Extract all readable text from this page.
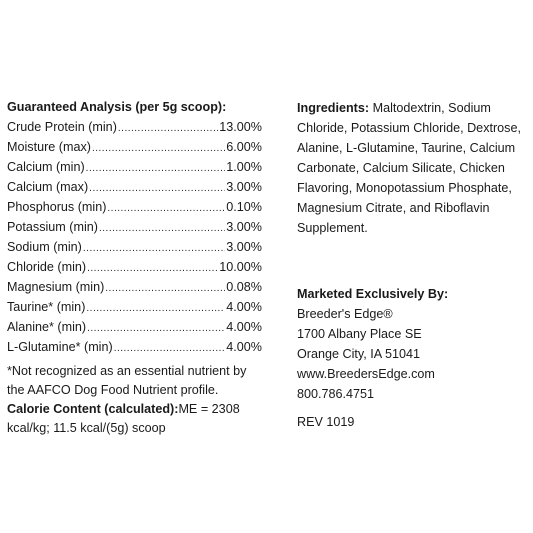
Guaranteed Analysis (per 5g scoop):
Crude Protein (min) .....	13.00%
Moisture (max) .....	6.00%
Calcium (min) .....	1.00%
Calcium (max) .....	3.00%
Phosphorus (min) .....	0.10%
Potassium (min) .....	3.00%
Sodium (min) .....	3.00%
Chloride (min) .....	10.00%
Magnesium (min) .....	0.08%
Taurine* (min) .....	4.00%
Alanine* (min) .....	4.00%
L-Glutamine* (min) .....	4.00%
*Not recognized as an essential nutrient by the AAFCO Dog Food Nutrient profile.
Calorie Content (calculated):ME = 2308 kcal/kg; 11.5 kcal/(5g) scoop
Ingredients: Maltodextrin, Sodium Chloride, Potassium Chloride, Dextrose, Alanine, L-Glutamine, Taurine, Calcium Carbonate, Calcium Silicate, Chicken Flavoring, Monopotassium Phosphate, Magnesium Citrate, and Riboflavin Supplement.
Marketed Exclusively By:
Breeder's Edge®
1700 Albany Place SE
Orange City, IA 51041
www.BreedersEdge.com
800.786.4751
REV 1019
